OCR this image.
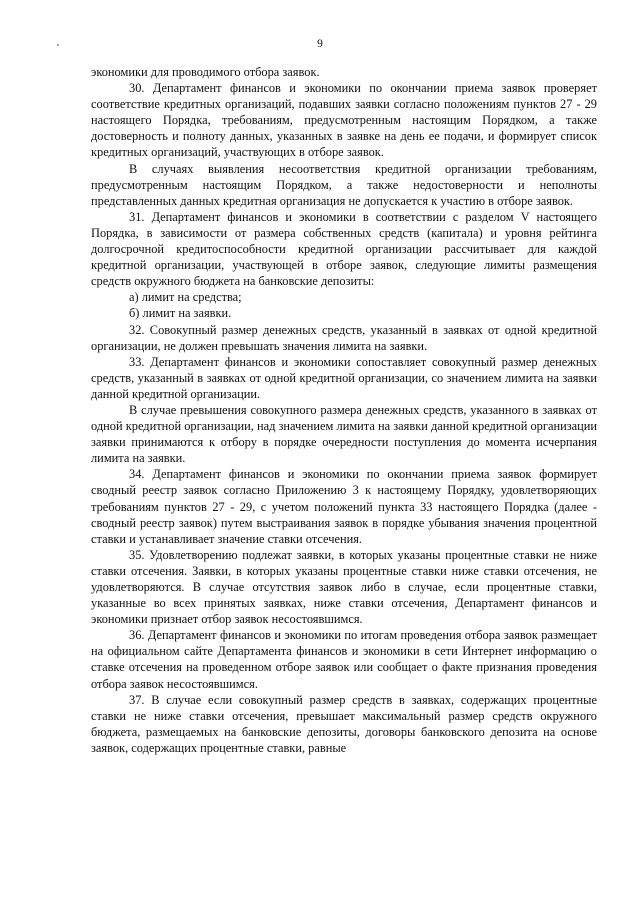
9

экономики для проводимого отбора заявок.

30. Департамент финансов и экономики по окончании приема заявок проверяет соответствие кредитных организаций, подавших заявки согласно положениям пунктов 27 - 29 настоящего Порядка, требованиям, предусмотренным настоящим Порядком, а также достоверность и полноту данных, указанных в заявке на день ее подачи, и формирует список кредитных организаций, участвующих в отборе заявок.

В случаях выявления несоответствия кредитной организации требованиям, предусмотренным настоящим Порядком, а также недостоверности и неполноты представленных данных кредитная организация не допускается к участию в отборе заявок.

31. Департамент финансов и экономики в соответствии с разделом V настоящего Порядка, в зависимости от размера собственных средств (капитала) и уровня рейтинга долгосрочной кредитоспособности кредитной организации рассчитывает для каждой кредитной организации, участвующей в отборе заявок, следующие лимиты размещения средств окружного бюджета на банковские депозиты:

а) лимит на средства;

б) лимит на заявки.

32. Совокупный размер денежных средств, указанный в заявках от одной кредитной организации, не должен превышать значения лимита на заявки.

33. Департамент финансов и экономики сопоставляет совокупный размер денежных средств, указанный в заявках от одной кредитной организации, со значением лимита на заявки данной кредитной организации.

В случае превышения совокупного размера денежных средств, указанного в заявках от одной кредитной организации, над значением лимита на заявки данной кредитной организации заявки принимаются к отбору в порядке очередности поступления до момента исчерпания лимита на заявки.

34. Департамент финансов и экономики по окончании приема заявок формирует сводный реестр заявок согласно Приложению 3 к настоящему Порядку, удовлетворяющих требованиям пунктов 27 - 29, с учетом положений пункта 33 настоящего Порядка (далее - сводный реестр заявок) путем выстраивания заявок в порядке убывания значения процентной ставки и устанавливает значение ставки отсечения.

35. Удовлетворению подлежат заявки, в которых указаны процентные ставки не ниже ставки отсечения. Заявки, в которых указаны процентные ставки ниже ставки отсечения, не удовлетворяются. В случае отсутствия заявок либо в случае, если процентные ставки, указанные во всех принятых заявках, ниже ставки отсечения, Департамент финансов и экономики признает отбор заявок несостоявшимся.

36. Департамент финансов и экономики по итогам проведения отбора заявок размещает на официальном сайте Департамента финансов и экономики в сети Интернет информацию о ставке отсечения на проведенном отборе заявок или сообщает о факте признания проведения отбора заявок несостоявшимся.

37. В случае если совокупный размер средств в заявках, содержащих процентные ставки не ниже ставки отсечения, превышает максимальный размер средств окружного бюджета, размещаемых на банковские депозиты, договоры банковского депозита на основе заявок, содержащих процентные ставки, равные
